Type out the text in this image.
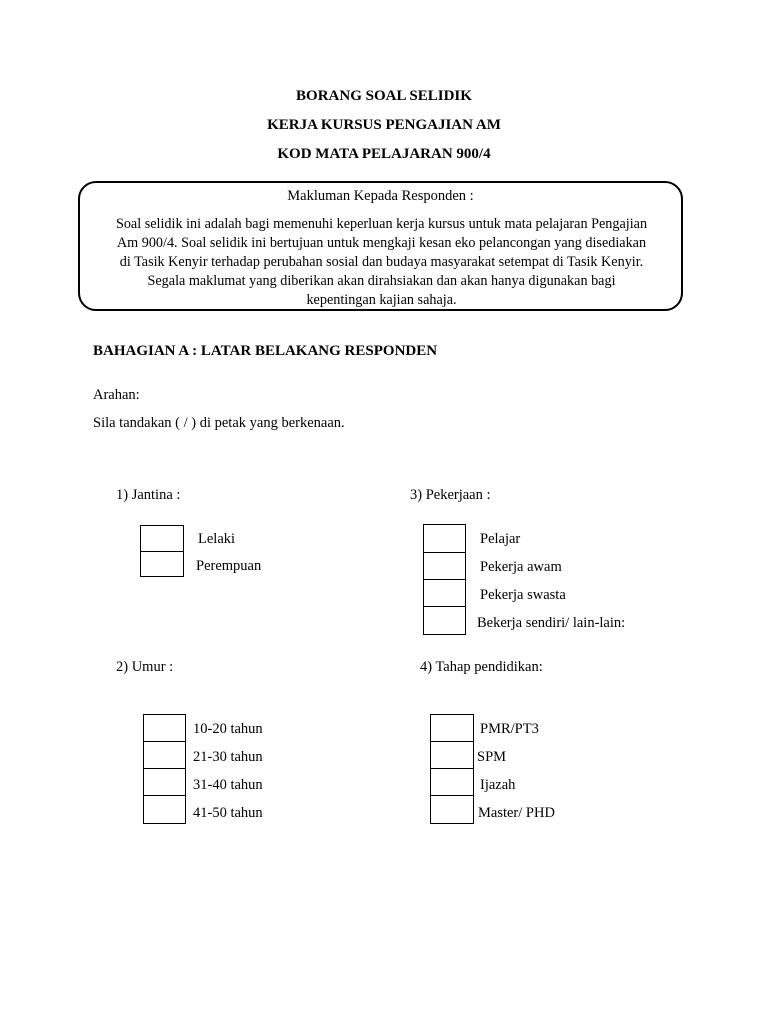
BORANG SOAL SELIDIK
KERJA KURSUS PENGAJIAN AM
KOD MATA PELAJARAN 900/4
Makluman Kepada Responden :
Soal selidik ini adalah bagi memenuhi keperluan kerja kursus untuk mata pelajaran Pengajian
Am 900/4. Soal selidik ini bertujuan untuk mengkaji kesan eko pelancongan yang disediakan
di Tasik Kenyir terhadap perubahan sosial dan budaya masyarakat setempat di Tasik Kenyir.
Segala maklumat yang diberikan akan dirahsiakan dan akan hanya digunakan bagi
kepentingan kajian sahaja.
BAHAGIAN A : LATAR BELAKANG RESPONDEN
Arahan:
Sila tandakan ( / ) di petak yang berkenaan.
1) Jantina :
Lelaki
Perempuan
3) Pekerjaan :
Pelajar
Pekerja awam
Pekerja swasta
Bekerja sendiri/ lain-lain:
2) Umur :
10-20 tahun
21-30 tahun
31-40 tahun
41-50 tahun
4) Tahap pendidikan:
PMR/PT3
SPM
Ijazah
Master/ PHD
